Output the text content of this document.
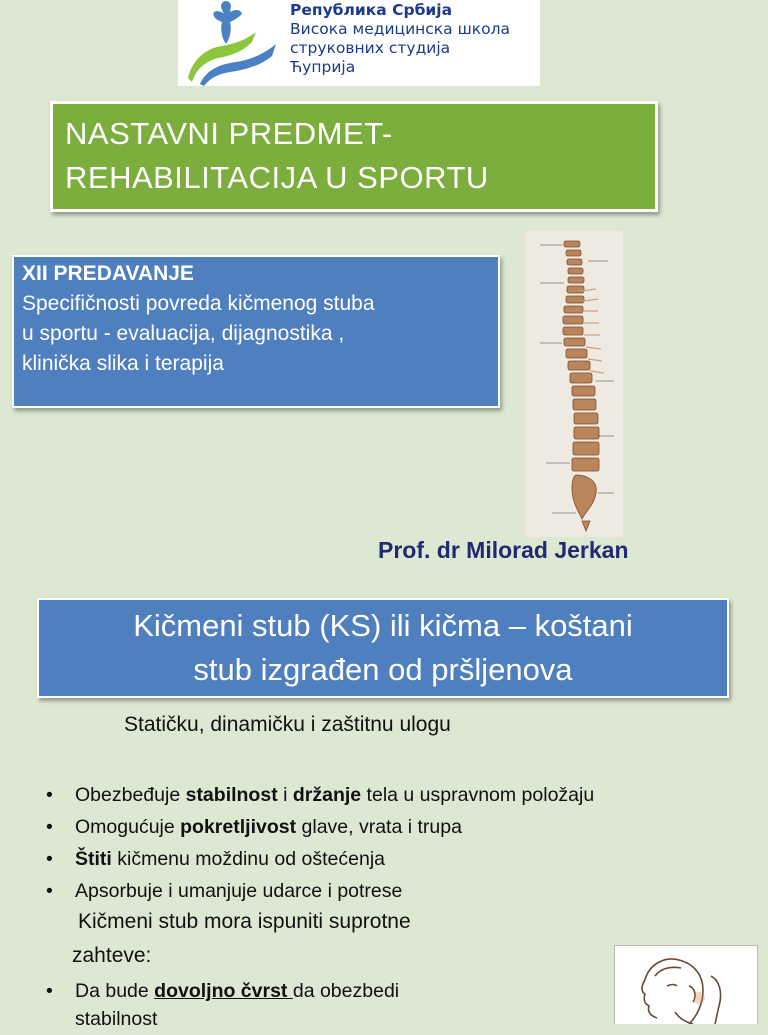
Република Србија
Висока медицинска школа
струковних студија
Ћуприја
NASTAVNI PREDMET-
REHABILITACIJA U SPORTU
XII PREDAVANJE
Specifičnosti povreda kičmenog stuba
u sportu - evaluacija, dijagnostika ,
klinička slika i terapija
Prof. dr Milorad Jerkan
Kičmeni stub (KS) ili kičma – koštani
stub izgrađen od pršljenova
Statičku, dinamičku i zaštitnu ulogu
• Obezbeđuje stabilnost i držanje tela u uspravnom položaju
• Omogućuje pokretljivost glave, vrata i trupa
• Štiti kičmenu moždinu od oštećenja
• Apsorbuje i umanjuje udarce i potrese
Kičmeni stub mora ispuniti suprotne
zahteve:
• Da bude dovoljno čvrst da obezbedi
stabilnost
